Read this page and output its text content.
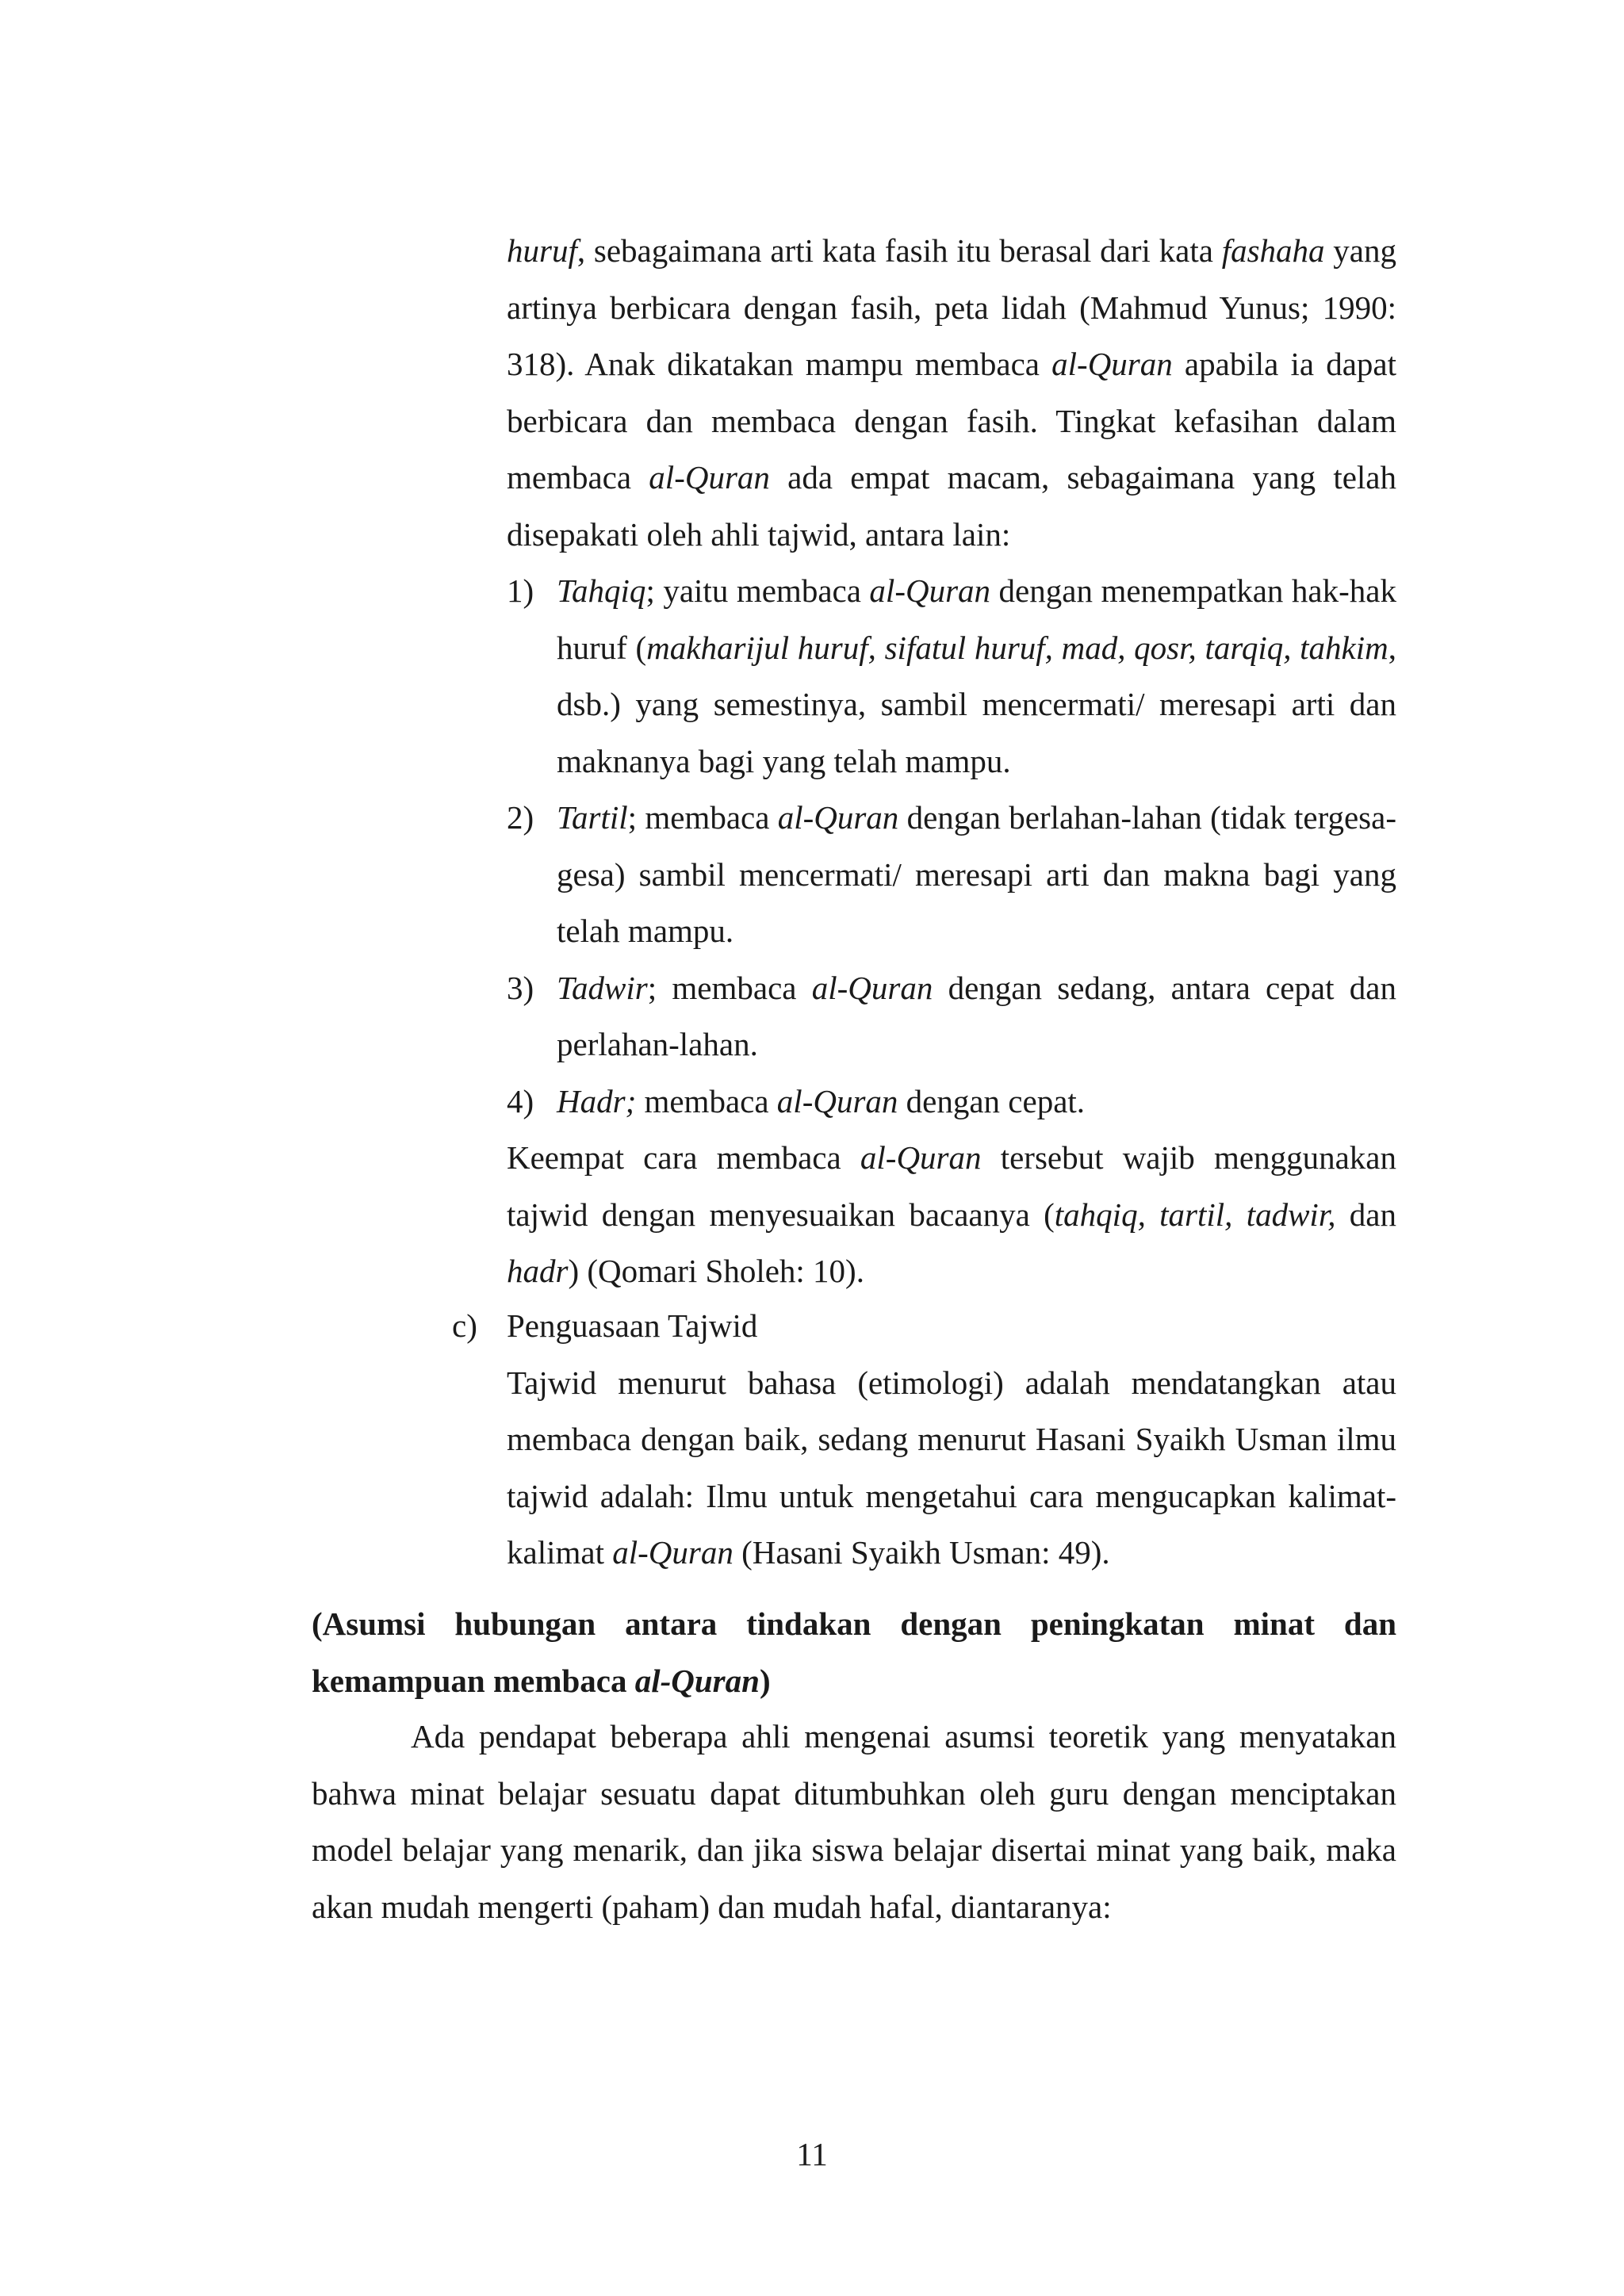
huruf, sebagaimana arti kata fasih itu berasal dari kata fashaha yang artinya berbicara dengan fasih, peta lidah (Mahmud Yunus; 1990: 318). Anak dikatakan mampu membaca al-Quran apabila ia dapat berbicara dan membaca dengan fasih. Tingkat kefasihan dalam membaca al-Quran ada empat macam, sebagaimana yang telah disepakati oleh ahli tajwid, antara lain:

1) Tahqiq; yaitu membaca al-Quran dengan menempatkan hak-hak huruf (makharijul huruf, sifatul huruf, mad, qosr, tarqiq, tahkim, dsb.) yang semestinya, sambil mencermati/ meresapi arti dan maknanya bagi yang telah mampu.
2) Tartil; membaca al-Quran dengan berlahan-lahan (tidak tergesa-gesa) sambil mencermati/ meresapi arti dan makna bagi yang telah mampu.
3) Tadwir; membaca al-Quran dengan sedang, antara cepat dan perlahan-lahan.
4) Hadr; membaca al-Quran dengan cepat.

Keempat cara membaca al-Quran tersebut wajib menggunakan tajwid dengan menyesuaikan bacaanya (tahqiq, tartil, tadwir, dan hadr) (Qomari Sholeh: 10).

c) Penguasaan Tajwid

Tajwid menurut bahasa (etimologi) adalah mendatangkan atau membaca dengan baik, sedang menurut Hasani Syaikh Usman ilmu tajwid adalah: Ilmu untuk mengetahui cara mengucapkan kalimat-kalimat al-Quran (Hasani Syaikh Usman: 49).

(Asumsi hubungan antara tindakan dengan peningkatan minat dan
kemampuan membaca al-Quran)

Ada pendapat beberapa ahli mengenai asumsi teoretik yang menyatakan bahwa minat belajar sesuatu dapat ditumbuhkan oleh guru dengan menciptakan model belajar yang menarik, dan jika siswa belajar disertai minat yang baik, maka akan mudah mengerti (paham) dan mudah hafal, diantaranya:

11
